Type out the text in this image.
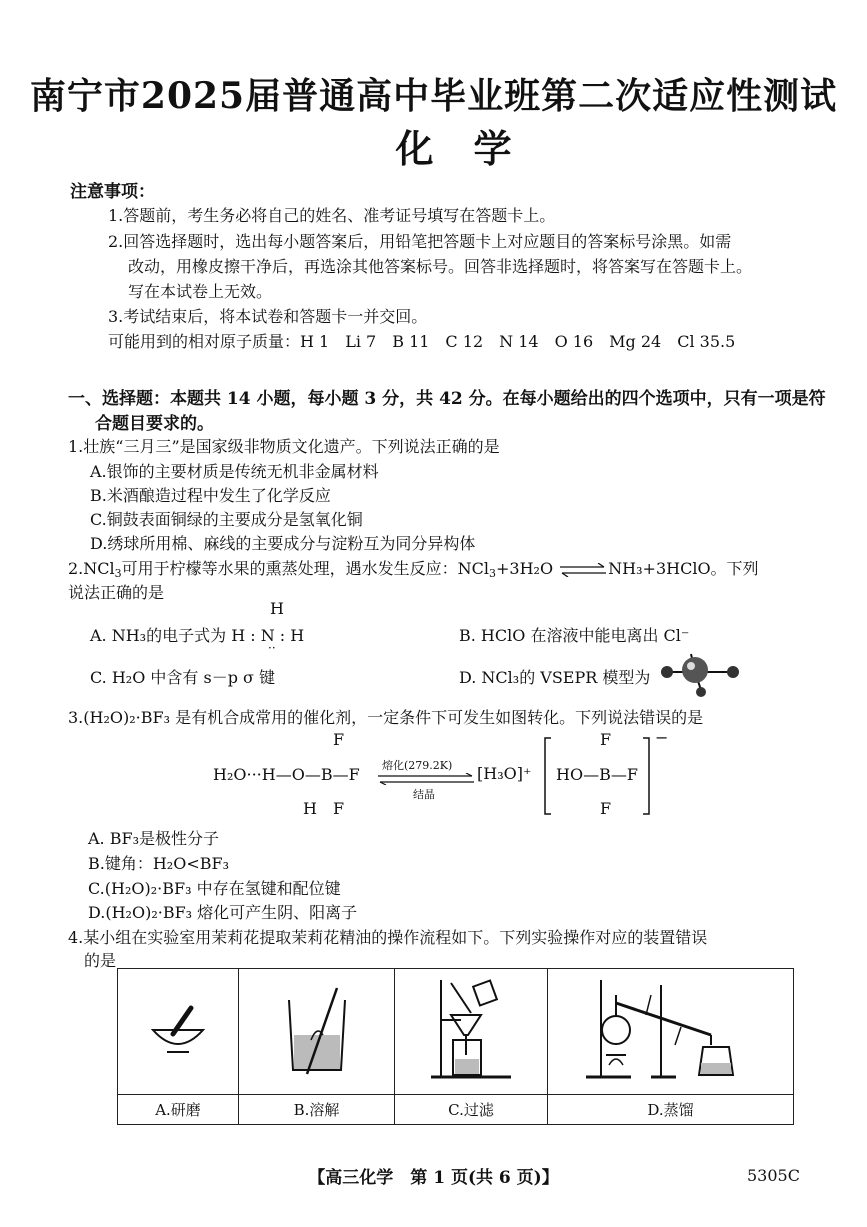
南宁市2025届普通高中毕业班第二次适应性测试
化学
注意事项：
1.答题前，考生务必将自己的姓名、准考证号填写在答题卡上。
2.回答选择题时，选出每小题答案后，用铅笔把答题卡上对应题目的答案标号涂黑。如需
改动，用橡皮擦干净后，再选涂其他答案标号。回答非选择题时，将答案写在答题卡上。
写在本试卷上无效。
3.考试结束后，将本试卷和答题卡一并交回。
可能用到的相对原子质量：H 1　Li 7　B 11　C 12　N 14　O 16　Mg 24　Cl 35.5
一、选择题：本题共 14 小题，每小题 3 分，共 42 分。在每小题给出的四个选项中，只有一项是符
合题目要求的。
1.壮族“三月三”是国家级非物质文化遗产。下列说法正确的是
A.银饰的主要材质是传统无机非金属材料
B.米酒酿造过程中发生了化学反应
C.铜鼓表面铜绿的主要成分是氢氧化铜
D.绣球所用棉、麻线的主要成分与淀粉互为同分异构体
2.NCl$_3$可用于柠檬等水果的熏蒸处理，遇水发生反应：NCl$_3$+3H₂O ⇌NH₃+3HClO。下列
说法正确的是
H
A. NH₃的电子式为 H : N : H
··
B. HClO 在溶液中能电离出 Cl⁻
C. H₂O 中含有 s－p σ 键	D. NCl₃的 VSEPR 模型为
3.(H₂O)₂·BF₃ 是有机合成常用的催化剂，一定条件下可发生如图转化。下列说法错误的是
F
H₂O···H—O—B—F
H F
熔化(279.2K)
结晶
[H₃O]⁺
F
HO—B—F
F
−
A. BF₃是极性分子
B.键角：H₂O<BF₃
C.(H₂O)₂·BF₃ 中存在氢键和配位键
D.(H₂O)₂·BF₃ 熔化可产生阴、阳离子
4.某小组在实验室用茉莉花提取茉莉花精油的操作流程如下。下列实验操作对应的装置错误
的是

A.研磨	B.溶解	C.过滤	D.蒸馏
【高三化学　第 1 页(共 6 页)】	5305C
